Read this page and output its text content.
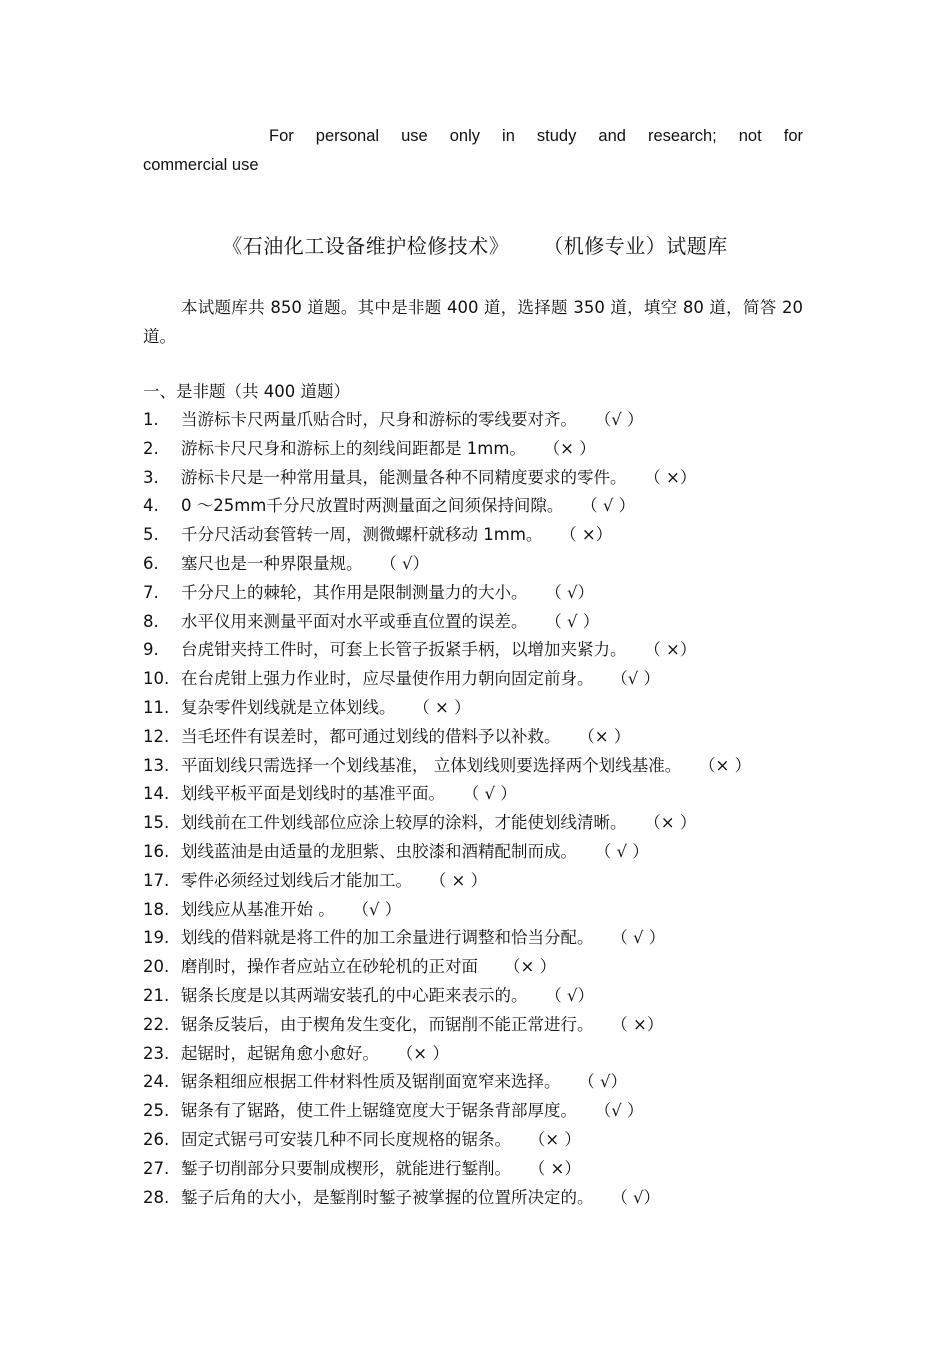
For personal use only in study and research; not for
commercial use
《石油化工设备维护检修技术》 （机修专业）试题库
本试题库共 850 道题。其中是非题 400 道，选择题 350 道，填空 80 道，简答 20 道。
一、是非题（共 400 道题）
1. 当游标卡尺两量爪贴合时，尺身和游标的零线要对齐。 （√ ）
2. 游标卡尺尺身和游标上的刻线间距都是 1mm。 （× ）
3. 游标卡尺是一种常用量具，能测量各种不同精度要求的零件。 （ ×）
4. 0 ～25mm千分尺放置时两测量面之间须保持间隙。 （ √ ）
5. 千分尺活动套管转一周，测微螺杆就移动 1mm。 （ ×）
6. 塞尺也是一种界限量规。 （ √）
7. 千分尺上的棘轮，其作用是限制测量力的大小。 （ √）
8. 水平仪用来测量平面对水平或垂直位置的误差。 （ √ ）
9. 台虎钳夹持工件时，可套上长管子扳紧手柄，以增加夹紧力。 （ ×）
10. 在台虎钳上强力作业时，应尽量使作用力朝向固定前身。 （√ ）
11. 复杂零件划线就是立体划线。 （ × ）
12. 当毛坯件有误差时，都可通过划线的借料予以补救。 （× ）
13. 平面划线只需选择一个划线基准， 立体划线则要选择两个划线基准。 （× ）
14. 划线平板平面是划线时的基准平面。 （ √ ）
15. 划线前在工件划线部位应涂上较厚的涂料，才能使划线清晰。 （× ）
16. 划线蓝油是由适量的龙胆紫、虫胶漆和酒精配制而成。 （ √ ）
17. 零件必须经过划线后才能加工。 （ × ）
18. 划线应从基准开始 。 （√ ）
19. 划线的借料就是将工件的加工余量进行调整和恰当分配。 （ √ ）
20. 磨削时，操作者应站立在砂轮机的正对面 （× ）
21. 锯条长度是以其两端安装孔的中心距来表示的。 （ √）
22. 锯条反装后，由于楔角发生变化，而锯削不能正常进行。 （ ×）
23. 起锯时，起锯角愈小愈好。 （× ）
24. 锯条粗细应根据工件材料性质及锯削面宽窄来选择。 （ √）
25. 锯条有了锯路，使工件上锯缝宽度大于锯条背部厚度。 （√ ）
26. 固定式锯弓可安装几种不同长度规格的锯条。 （× ）
27. 錾子切削部分只要制成楔形，就能进行錾削。 （ ×）
28. 錾子后角的大小，是錾削时錾子被掌握的位置所决定的。 （ √）
